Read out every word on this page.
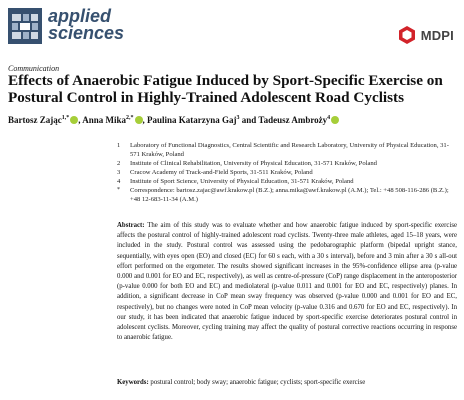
applied
sciences	MDPI
Communication
Effects of Anaerobic Fatigue Induced by Sport-Specific Exercise on Postural Control in Highly-Trained Adolescent Road Cyclists
Bartosz Zając$^{1,*}$ , Anna Mika$^{2,*}$ , Paulina Katarzyna Gaj$^3$ and Tadeusz Ambroży$^4$
1 Laboratory of Functional Diagnostics, Central Scientific and Research Laboratory, University of Physical Education, 31-571 Kraków, Poland
2 Institute of Clinical Rehabilitation, University of Physical Education, 31-571 Kraków, Poland
3 Cracow Academy of Track-and-Field Sports, 31-511 Kraków, Poland
4 Institute of Sport Science, University of Physical Education, 31-571 Kraków, Poland
* Correspondence: bartosz.zajac@awf.krakow.pl (B.Z.); anna.mika@awf.krakow.pl (A.M.); Tel.: +48 508-116-286 (B.Z.); +48 12-683-11-34 (A.M.)
Abstract: The aim of this study was to evaluate whether and how anaerobic fatigue induced by sport-specific exercise affects the postural control of highly-trained adolescent road cyclists. Twenty-three male athletes, aged 15–18 years, were included in the study. Postural control was assessed using the pedobarographic platform (bipedal upright stance, sequentially, with eyes open (EO) and closed (EC) for 60 s each, with a 30 s interval), before and 3 min after a 30 s all-out effort performed on the ergometer. The results showed significant increases in the 95%-confidence ellipse area (p-value 0.000 and 0.001 for EO and EC, respectively), as well as centre-of-pressure (CoP) range displacement in the anteroposterior (p-value 0.000 for both EO and EC) and mediolateral (p-value 0.011 and 0.001 for EO and EC, respectively) planes. In addition, a significant decrease in CoP mean sway frequency was observed (p-value 0.000 and 0.001 for EO and EC, respectively), but no changes were noted in CoP mean velocity (p-value 0.316 and 0.670 for EO and EC, respectively). In our study, it has been indicated that anaerobic fatigue induced by sport-specific exercise deteriorates postural control in adolescent cyclists. Moreover, cycling training may affect the quality of postural corrective reactions occurring in response to anaerobic fatigue.
Keywords: postural control; body sway; anaerobic fatigue; cyclists; sport-specific exercise
